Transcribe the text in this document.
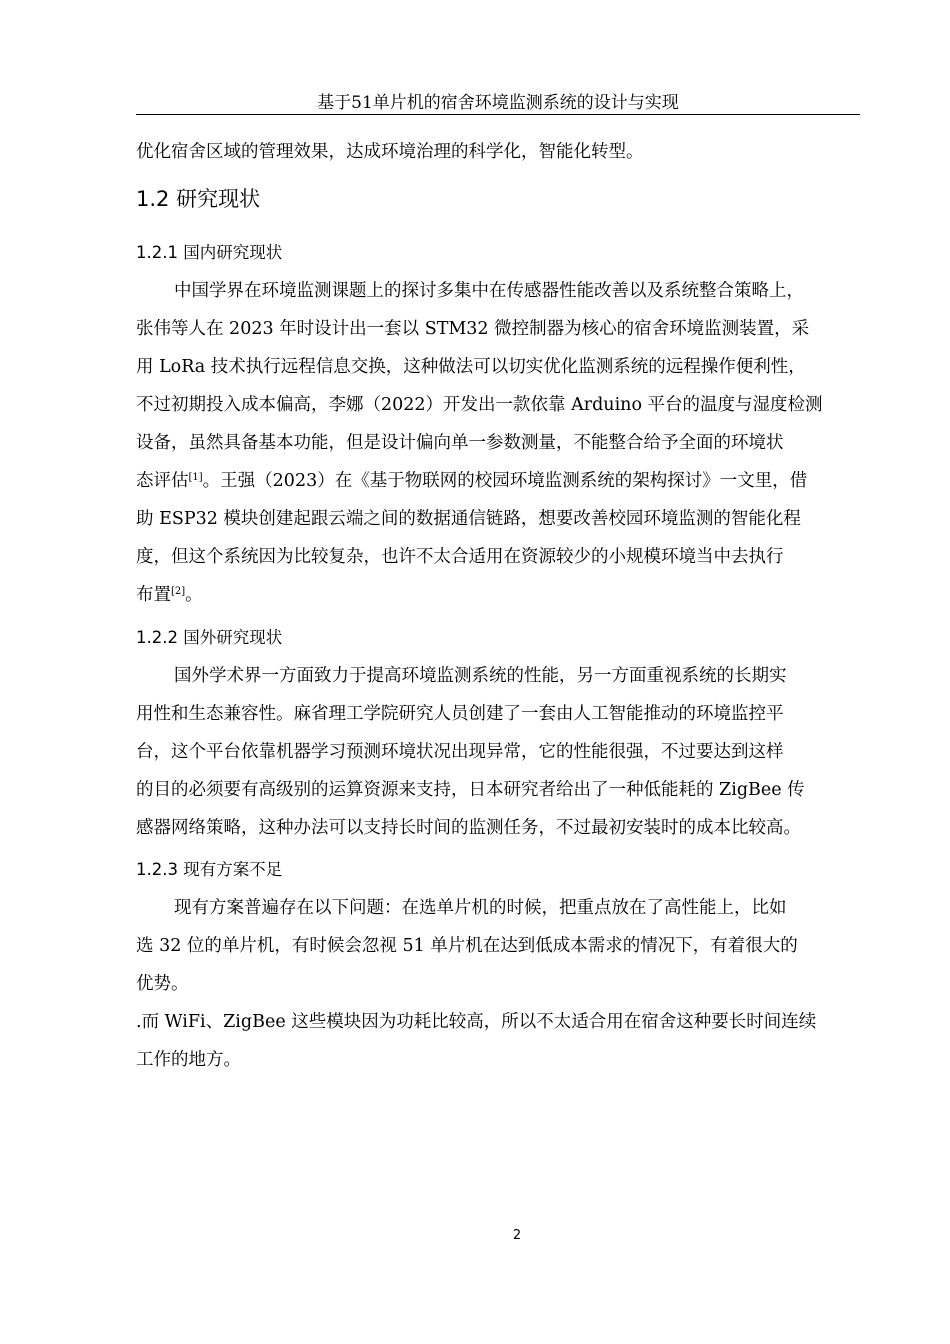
基于51单片机的宿舍环境监测系统的设计与实现
优化宿舍区域的管理效果，达成环境治理的科学化，智能化转型。
1.2 研究现状
1.2.1 国内研究现状
中国学界在环境监测课题上的探讨多集中在传感器性能改善以及系统整合策略上，
张伟等人在 2023 年时设计出一套以 STM32 微控制器为核心的宿舍环境监测装置，采
用 LoRa 技术执行远程信息交换，这种做法可以切实优化监测系统的远程操作便利性，
不过初期投入成本偏高，李娜（2022）开发出一款依靠 Arduino 平台的温度与湿度检测
设备，虽然具备基本功能，但是设计偏向单一参数测量，不能整合给予全面的环境状
态评估[1]。王强（2023）在《基于物联网的校园环境监测系统的架构探讨》一文里，借
助 ESP32 模块创建起跟云端之间的数据通信链路，想要改善校园环境监测的智能化程
度，但这个系统因为比较复杂，也许不太合适用在资源较少的小规模环境当中去执行
布置[2]。
1.2.2 国外研究现状
国外学术界一方面致力于提高环境监测系统的性能，另一方面重视系统的长期实
用性和生态兼容性。麻省理工学院研究人员创建了一套由人工智能推动的环境监控平
台，这个平台依靠机器学习预测环境状况出现异常，它的性能很强，不过要达到这样
的目的必须要有高级别的运算资源来支持，日本研究者给出了一种低能耗的 ZigBee 传
感器网络策略，这种办法可以支持长时间的监测任务，不过最初安装时的成本比较高。
1.2.3 现有方案不足
现有方案普遍存在以下问题：在选单片机的时候，把重点放在了高性能上，比如
选 32 位的单片机，有时候会忽视 51 单片机在达到低成本需求的情况下，有着很大的
优势。
.而 WiFi、ZigBee 这些模块因为功耗比较高，所以不太适合用在宿舍这种要长时间连续
工作的地方。
2
